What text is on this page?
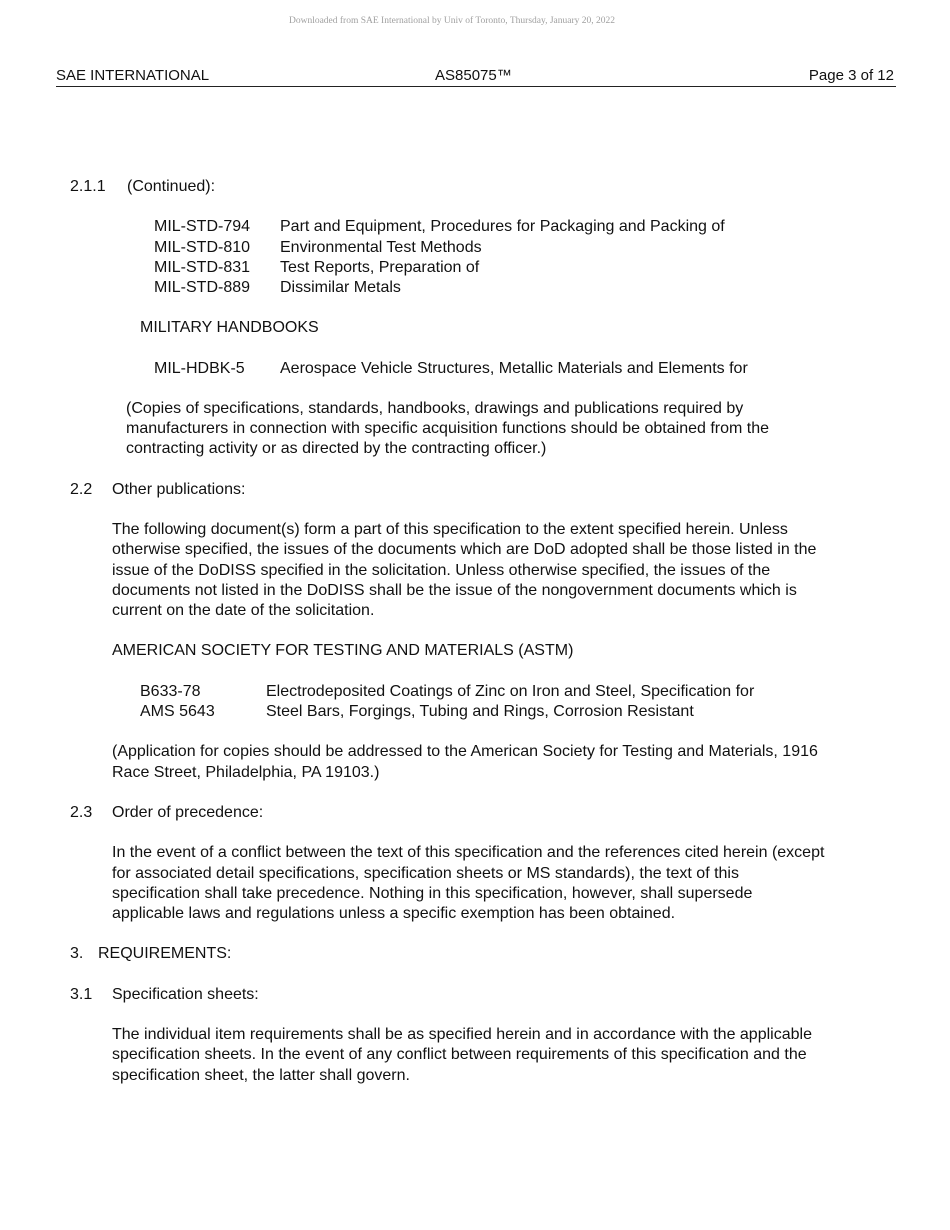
Downloaded from SAE International by Univ of Toronto, Thursday, January 20, 2022
SAE INTERNATIONAL	AS85075™	Page 3 of 12
2.1.1 (Continued):
MIL-STD-794 Part and Equipment, Procedures for Packaging and Packing of
MIL-STD-810 Environmental Test Methods
MIL-STD-831 Test Reports, Preparation of
MIL-STD-889 Dissimilar Metals
MILITARY HANDBOOKS
MIL-HDBK-5 Aerospace Vehicle Structures, Metallic Materials and Elements for
(Copies of specifications, standards, handbooks, drawings and publications required by
manufacturers in connection with specific acquisition functions should be obtained from the
contracting activity or as directed by the contracting officer.)
2.2 Other publications:
The following document(s) form a part of this specification to the extent specified herein. Unless
otherwise specified, the issues of the documents which are DoD adopted shall be those listed in the
issue of the DoDISS specified in the solicitation. Unless otherwise specified, the issues of the
documents not listed in the DoDISS shall be the issue of the nongovernment documents which is
current on the date of the solicitation.
AMERICAN SOCIETY FOR TESTING AND MATERIALS (ASTM)
B633-78	Electrodeposited Coatings of Zinc on Iron and Steel, Specification for
AMS 5643	Steel Bars, Forgings, Tubing and Rings, Corrosion Resistant
(Application for copies should be addressed to the American Society for Testing and Materials, 1916
Race Street, Philadelphia, PA 19103.)
2.3 Order of precedence:
In the event of a conflict between the text of this specification and the references cited herein (except
for associated detail specifications, specification sheets or MS standards), the text of this
specification shall take precedence. Nothing in this specification, however, shall supersede
applicable laws and regulations unless a specific exemption has been obtained.
3. REQUIREMENTS:
3.1 Specification sheets:
The individual item requirements shall be as specified herein and in accordance with the applicable
specification sheets. In the event of any conflict between requirements of this specification and the
specification sheet, the latter shall govern.
